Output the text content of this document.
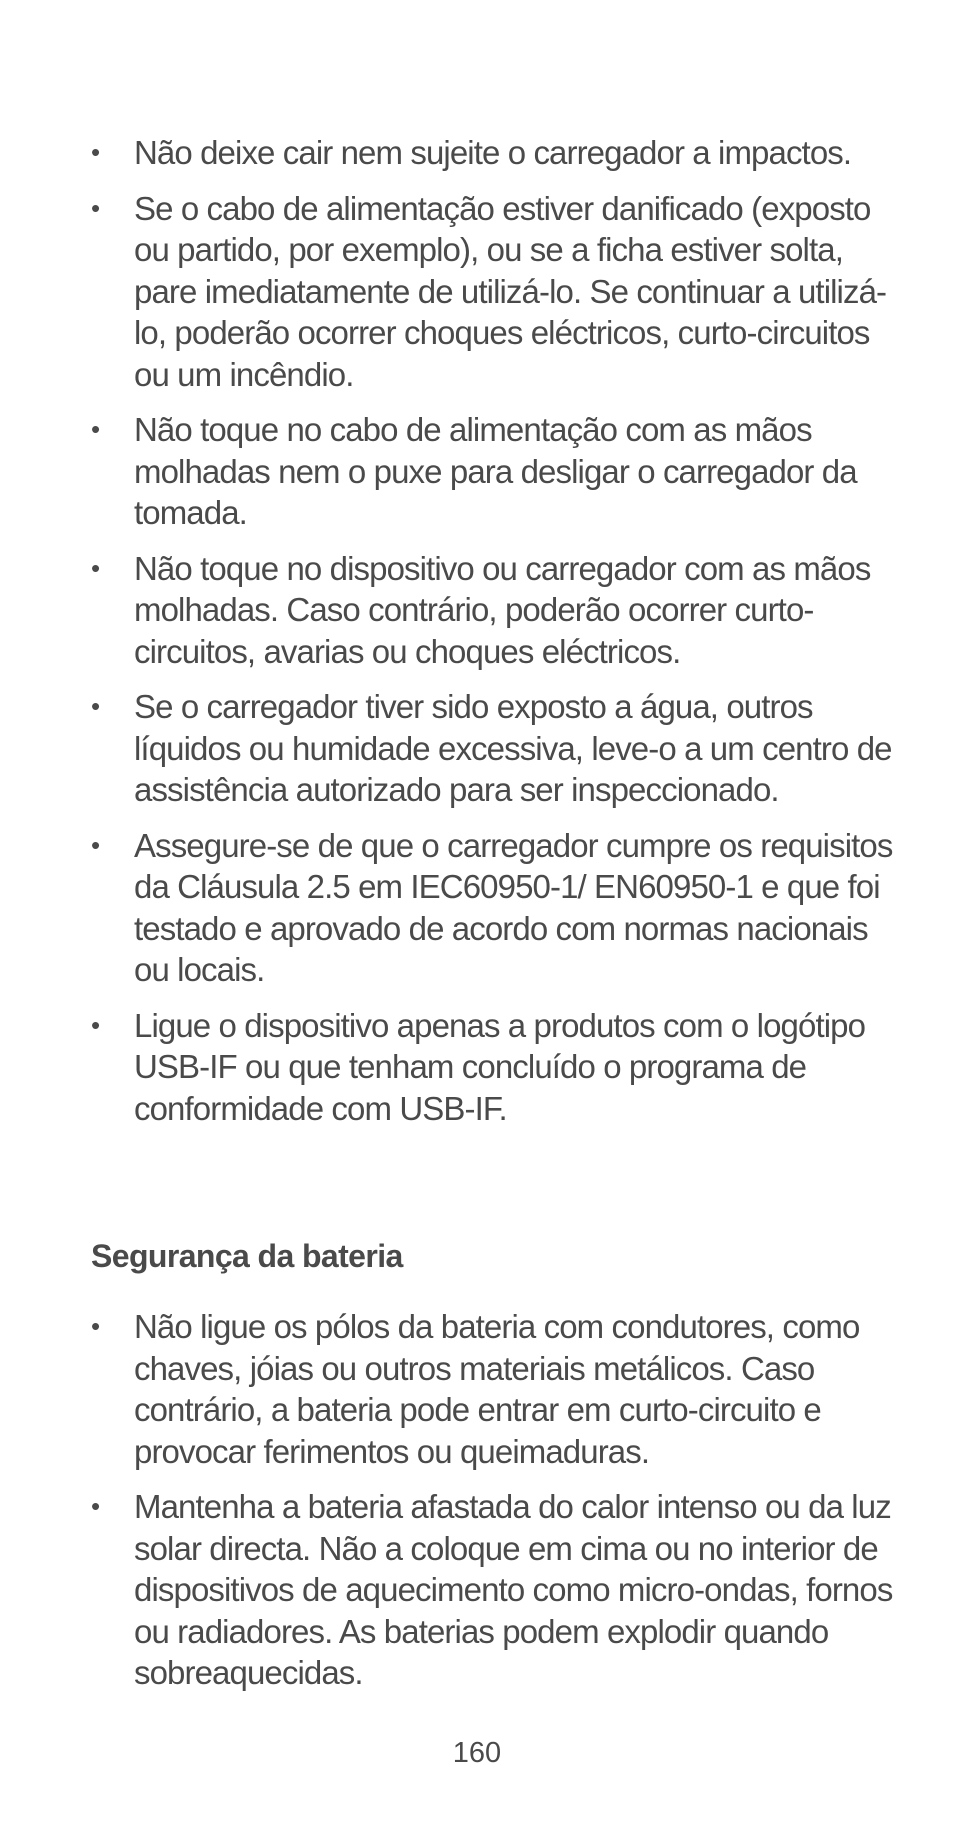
• Não deixe cair nem sujeite o carregador a impactos.
• Se o cabo de alimentação estiver danificado (exposto ou partido, por exemplo), ou se a ficha estiver solta, pare imediatamente de utilizá-lo. Se continuar a utilizá-lo, poderão ocorrer choques eléctricos, curto-circuitos ou um incêndio.
• Não toque no cabo de alimentação com as mãos molhadas nem o puxe para desligar o carregador da tomada.
• Não toque no dispositivo ou carregador com as mãos molhadas. Caso contrário, poderão ocorrer curto-circuitos, avarias ou choques eléctricos.
• Se o carregador tiver sido exposto a água, outros líquidos ou humidade excessiva, leve-o a um centro de assistência autorizado para ser inspeccionado.
• Assegure-se de que o carregador cumpre os requisitos da Cláusula 2.5 em IEC60950-1/ EN60950-1 e que foi testado e aprovado de acordo com normas nacionais ou locais.
• Ligue o dispositivo apenas a produtos com o logótipo USB-IF ou que tenham concluído o programa de conformidade com USB-IF.
Segurança da bateria
• Não ligue os pólos da bateria com condutores, como chaves, jóias ou outros materiais metálicos. Caso contrário, a bateria pode entrar em curto-circuito e provocar ferimentos ou queimaduras.
• Mantenha a bateria afastada do calor intenso ou da luz solar directa. Não a coloque em cima ou no interior de dispositivos de aquecimento como micro-ondas, fornos ou radiadores. As baterias podem explodir quando sobreaquecidas.
160
